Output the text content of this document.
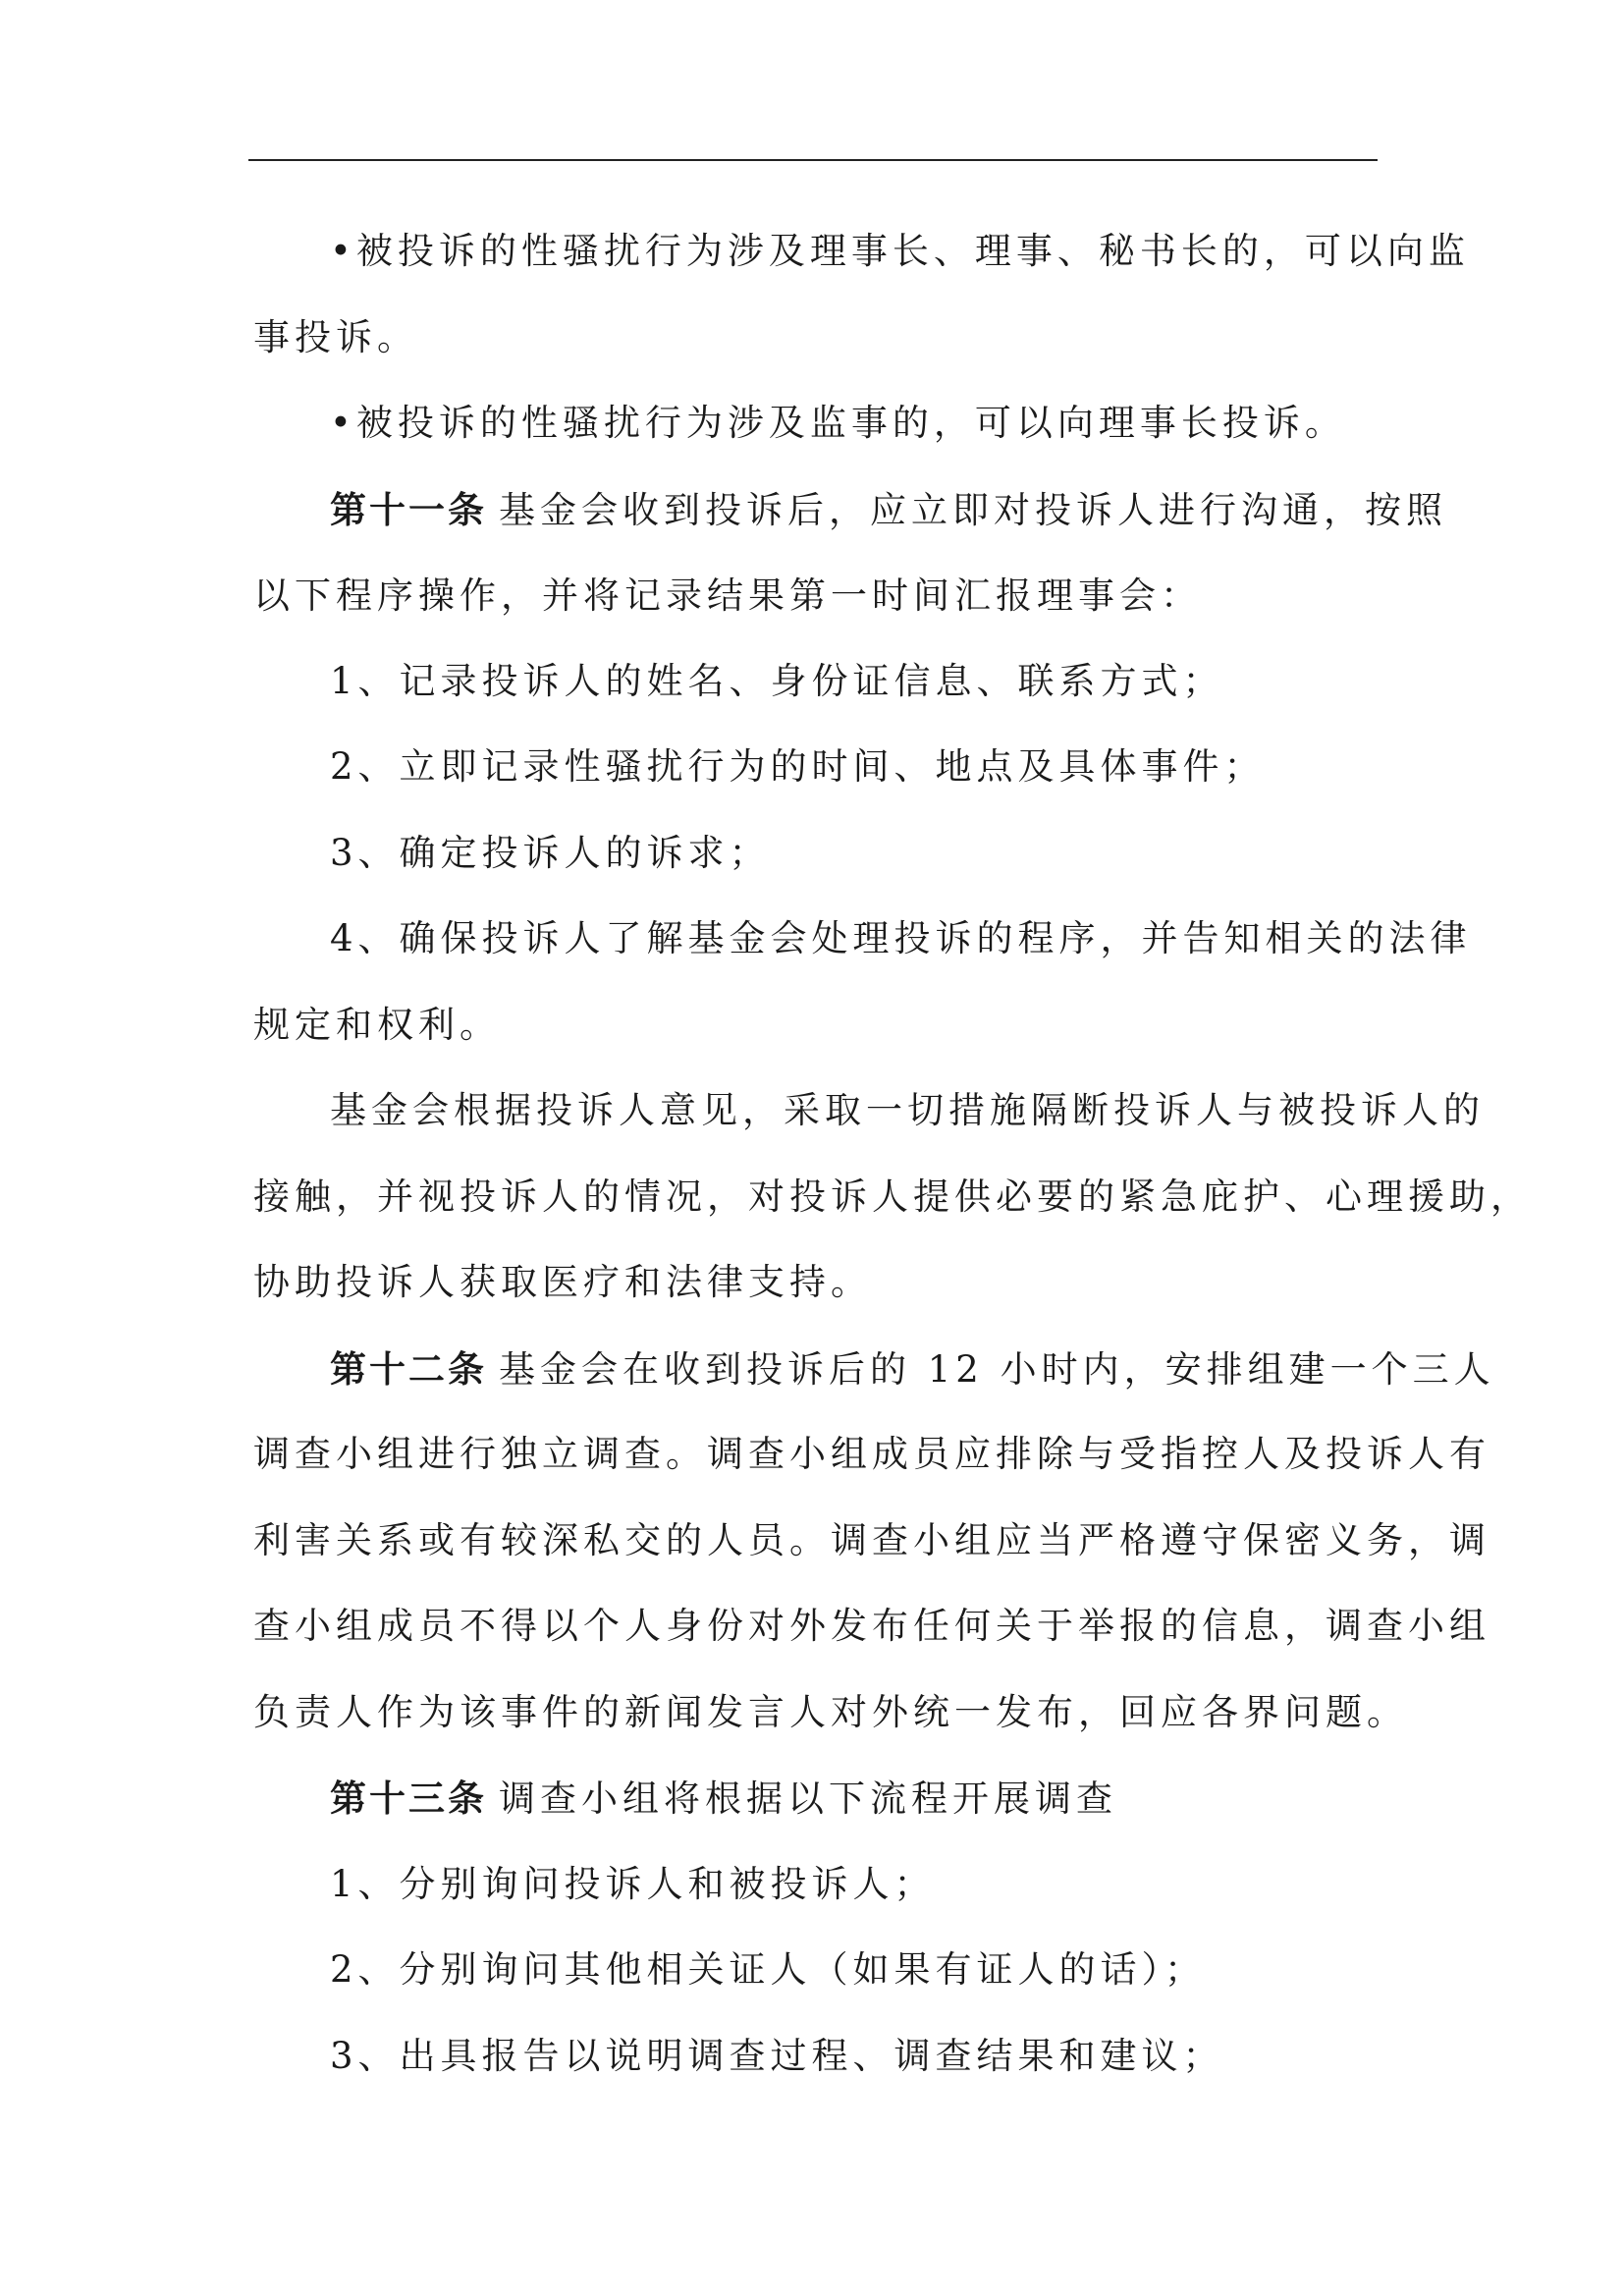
•被投诉的性骚扰行为涉及理事长、理事、秘书长的，可以向监
事投诉。
•被投诉的性骚扰行为涉及监事的，可以向理事长投诉。
第十一条 基金会收到投诉后，应立即对投诉人进行沟通，按照
以下程序操作，并将记录结果第一时间汇报理事会：
1、记录投诉人的姓名、身份证信息、联系方式；
2、立即记录性骚扰行为的时间、地点及具体事件；
3、确定投诉人的诉求；
4、确保投诉人了解基金会处理投诉的程序，并告知相关的法律
规定和权利。
基金会根据投诉人意见，采取一切措施隔断投诉人与被投诉人的
接触，并视投诉人的情况，对投诉人提供必要的紧急庇护、心理援助，
协助投诉人获取医疗和法律支持。
第十二条 基金会在收到投诉后的 12 小时内，安排组建一个三人
调查小组进行独立调查。调查小组成员应排除与受指控人及投诉人有
利害关系或有较深私交的人员。调查小组应当严格遵守保密义务，调
查小组成员不得以个人身份对外发布任何关于举报的信息，调查小组
负责人作为该事件的新闻发言人对外统一发布，回应各界问题。
第十三条 调查小组将根据以下流程开展调查
1、分别询问投诉人和被投诉人；
2、分别询问其他相关证人（如果有证人的话）；
3、出具报告以说明调查过程、调查结果和建议；
